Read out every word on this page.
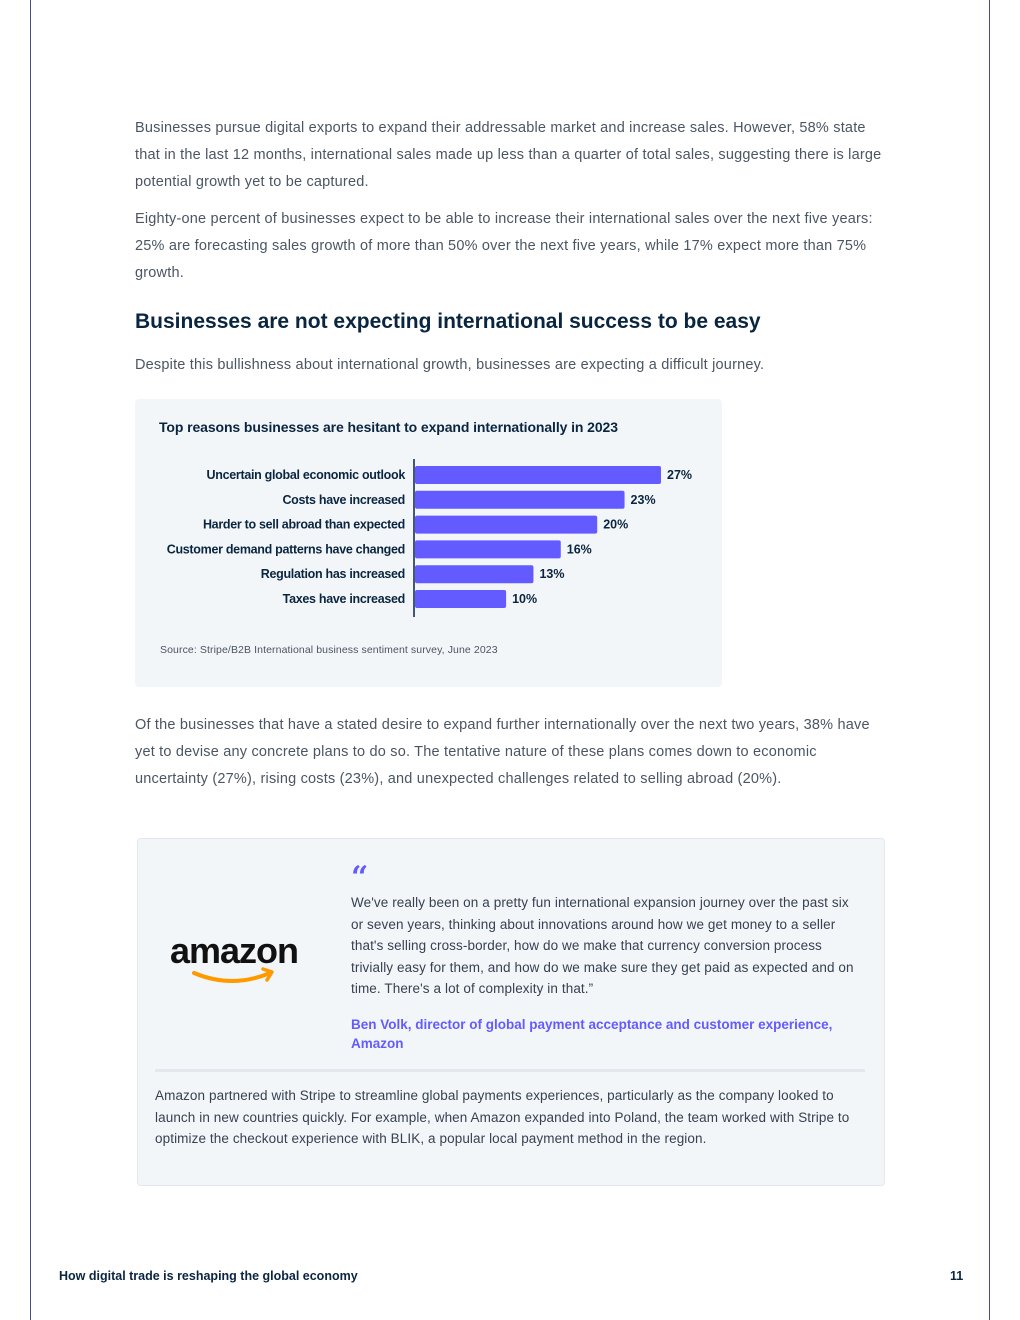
Businesses pursue digital exports to expand their addressable market and increase sales. However, 58% state that in the last 12 months, international sales made up less than a quarter of total sales, suggesting there is large potential growth yet to be captured.

Eighty-one percent of businesses expect to be able to increase their international sales over the next five years: 25% are forecasting sales growth of more than 50% over the next five years, while 17% expect more than 75% growth.

Businesses are not expecting international success to be easy

Despite this bullishness about international growth, businesses are expecting a difficult journey.

Top reasons businesses are hesitant to expand internationally in 2023

Uncertain global economic outlook	27%
Costs have increased	23%
Harder to sell abroad than expected	20%
Customer demand patterns have changed	16%
Regulation has increased	13%
Taxes have increased	10%
Source: Stripe/B2B International business sentiment survey, June 2023

Of the businesses that have a stated desire to expand further internationally over the next two years, 38% have yet to devise any concrete plans to do so. The tentative nature of these plans comes down to economic uncertainty (27%), rising costs (23%), and unexpected challenges related to selling abroad (20%).

amazon
“

We've really been on a pretty fun international expansion journey over the past six or seven years, thinking about innovations around how we get money to a seller that's selling cross-border, how do we make that currency conversion process trivially easy for them, and how do we make sure they get paid as expected and on time. There's a lot of complexity in that.”

Ben Volk, director of global payment acceptance and customer experience, Amazon

Amazon partnered with Stripe to streamline global payments experiences, particularly as the company looked to launch in new countries quickly. For example, when Amazon expanded into Poland, the team worked with Stripe to optimize the checkout experience with BLIK, a popular local payment method in the region.

How digital trade is reshaping the global economy	11
